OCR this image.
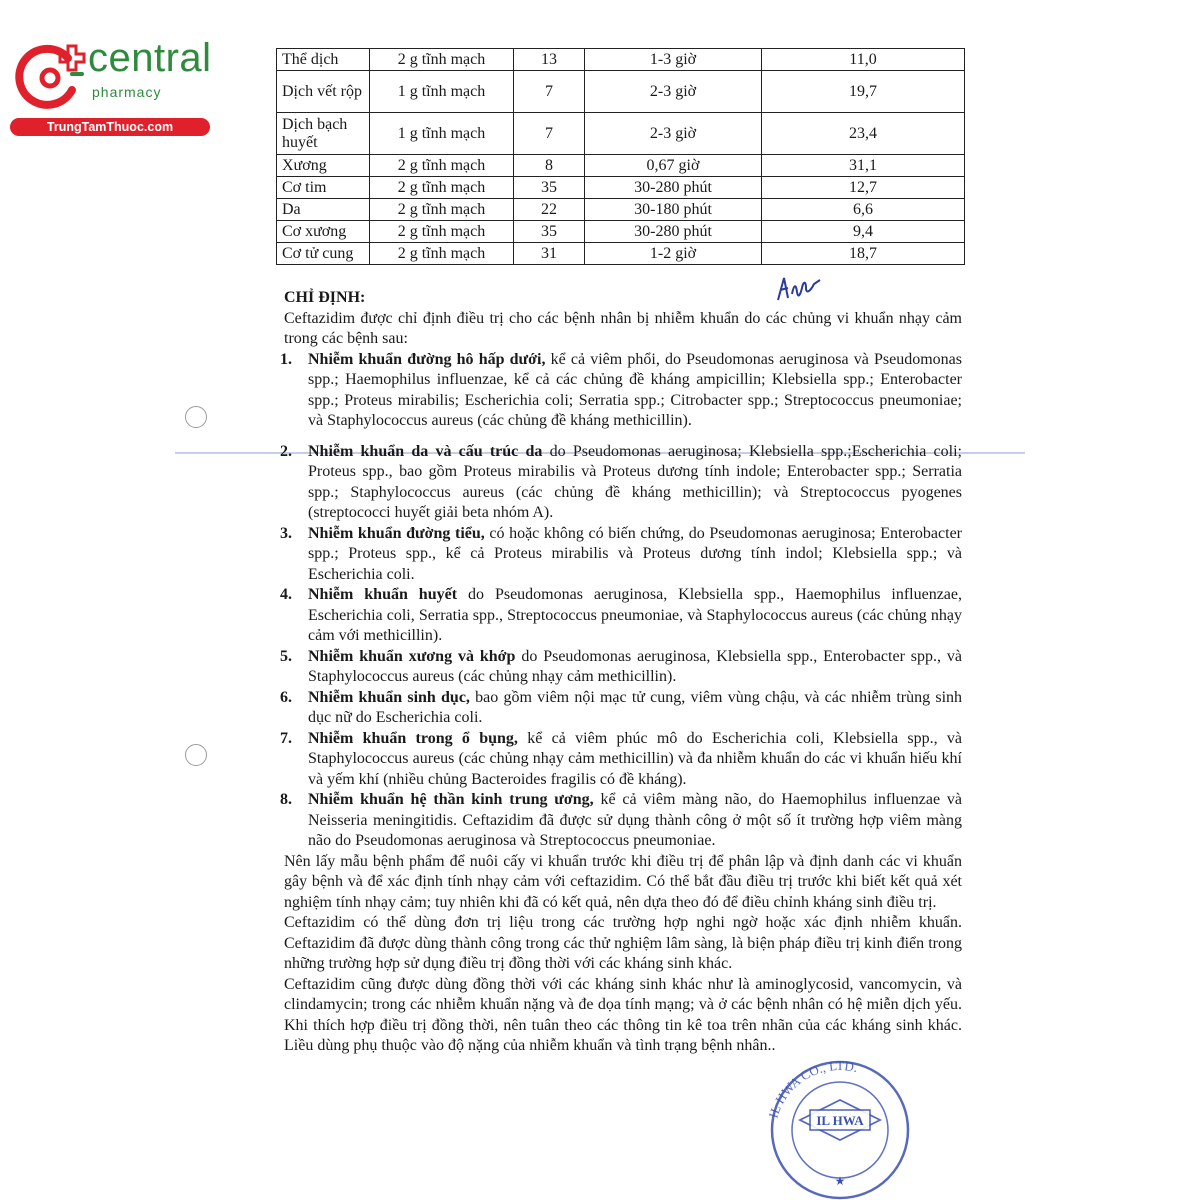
central
pharmacy
TrungTamThuoc.com
Thể dịch	2 g tĩnh mạch	13	1-3 giờ	11,0
Dịch vết rộp	1 g tĩnh mạch	7	2-3 giờ	19,7
Dịch bạch huyết	1 g tĩnh mạch	7	2-3 giờ	23,4
Xương	2 g tĩnh mạch	8	0,67 giờ	31,1
Cơ tim	2 g tĩnh mạch	35	30-280 phút	12,7
Da	2 g tĩnh mạch	22	30-180 phút	6,6
Cơ xương	2 g tĩnh mạch	35	30-280 phút	9,4
Cơ tử cung	2 g tĩnh mạch	31	1-2 giờ	18,7
CHỈ ĐỊNH:
Ceftazidim được chỉ định điều trị cho các bệnh nhân bị nhiễm khuẩn do các chủng vi khuẩn nhạy cảm trong các bệnh sau:
1. Nhiễm khuẩn đường hô hấp dưới, kể cả viêm phổi, do Pseudomonas aeruginosa và Pseudomonas spp.; Haemophilus influenzae, kể cả các chủng đề kháng ampicillin; Klebsiella spp.; Enterobacter spp.; Proteus mirabilis; Escherichia coli; Serratia spp.; Citrobacter spp.; Streptococcus pneumoniae; và Staphylococcus aureus (các chủng đề kháng methicillin).
2. Nhiễm khuẩn da và cấu trúc da do Pseudomonas aeruginosa; Klebsiella spp.;Escherichia coli; Proteus spp., bao gồm Proteus mirabilis và Proteus dương tính indole; Enterobacter spp.; Serratia spp.; Staphylococcus aureus (các chủng đề kháng methicillin); và Streptococcus pyogenes (streptococci huyết giải beta nhóm A).
3. Nhiễm khuẩn đường tiểu, có hoặc không có biến chứng, do Pseudomonas aeruginosa; Enterobacter spp.; Proteus spp., kể cả Proteus mirabilis và Proteus dương tính indol; Klebsiella spp.; và Escherichia coli.
4. Nhiễm khuẩn huyết do Pseudomonas aeruginosa, Klebsiella spp., Haemophilus influenzae, Escherichia coli, Serratia spp., Streptococcus pneumoniae, và Staphylococcus aureus (các chủng nhạy cảm với methicillin).
5. Nhiễm khuẩn xương và khớp do Pseudomonas aeruginosa, Klebsiella spp., Enterobacter spp., và Staphylococcus aureus (các chủng nhạy cảm methicillin).
6. Nhiễm khuẩn sinh dục, bao gồm viêm nội mạc tử cung, viêm vùng chậu, và các nhiễm trùng sinh dục nữ do Escherichia coli.
7. Nhiễm khuẩn trong ổ bụng, kể cả viêm phúc mô do Escherichia coli, Klebsiella spp., và Staphylococcus aureus (các chủng nhạy cảm methicillin) và đa nhiễm khuẩn do các vi khuẩn hiếu khí và yếm khí (nhiều chủng Bacteroides fragilis có đề kháng).
8. Nhiễm khuẩn hệ thần kinh trung ương, kể cả viêm màng não, do Haemophilus influenzae và Neisseria meningitidis. Ceftazidim đã được sử dụng thành công ở một số ít trường hợp viêm màng não do Pseudomonas aeruginosa và Streptococcus pneumoniae.
Nên lấy mẫu bệnh phẩm để nuôi cấy vi khuẩn trước khi điều trị để phân lập và định danh các vi khuẩn gây bệnh và để xác định tính nhạy cảm với ceftazidim. Có thể bắt đầu điều trị trước khi biết kết quả xét nghiệm tính nhạy cảm; tuy nhiên khi đã có kết quả, nên dựa theo đó để điều chỉnh kháng sinh điều trị.
Ceftazidim có thể dùng đơn trị liệu trong các trường hợp nghi ngờ hoặc xác định nhiễm khuẩn. Ceftazidim đã được dùng thành công trong các thử nghiệm lâm sàng, là biện pháp điều trị kinh điển trong những trường hợp sử dụng điều trị đồng thời với các kháng sinh khác.
Ceftazidim cũng được dùng đồng thời với các kháng sinh khác như là aminoglycosid, vancomycin, và clindamycin; trong các nhiễm khuẩn nặng và đe dọa tính mạng; và ở các bệnh nhân có hệ miễn dịch yếu. Khi thích hợp điều trị đồng thời, nên tuân theo các thông tin kê toa trên nhãn của các kháng sinh khác. Liều dùng phụ thuộc vào độ nặng của nhiễm khuẩn và tình trạng bệnh nhân..
IL HWA CO., LTD.
IL HWA
★
